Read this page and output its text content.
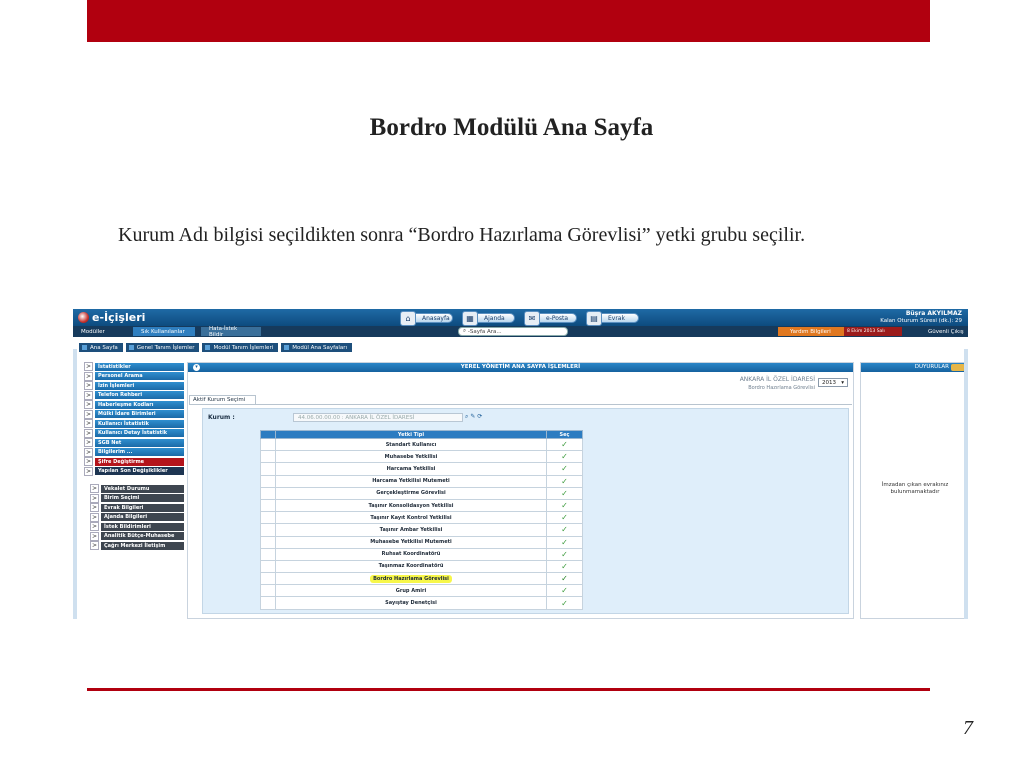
Bordro Modülü Ana Sayfa
Kurum Adı bilgisi seçildikten sonra “Bordro Hazırlama Görevlisi” yetki grubu seçilir.
e-İçişleri	⌂	Anasayfa	▦	Ajanda	✉	e-Posta	▤	Evrak
Büşra AKYILMAZ
Kalan Oturum Süresi (dk.): 29
Modüller	Sık Kullanılanlar	Hata-İstek Bildir
⌕ -Sayfa Ara...	Yardım Bilgileri	8 Ekim 2013 Salı	Güvenli Çıkış
Ana Sayfa	Genel Tanım İşlemler	Modül Tanım İşlemleri	Modül Ana Sayfaları
>	İstatistikler
>	Personel Arama
>	İzin İşlemleri
>	Telefon Rehberi
>	Haberleşme Kodları
>	Mülki İdare Birimleri
>	Kullanıcı İstatistik
>	Kullanıcı Detay İstatistik
>	SGB Net
>	Bilgilerim ...
>	Şifre Değiştirme
>	Yapılan Son Değişiklikler
>	Vekalet Durumu
>	Birim Seçimi
>	Evrak Bilgileri
>	Ajanda Bilgileri
>	İstek Bildirimleri
>	Analitik Bütçe-Muhasebe
>	Çağrı Merkezi İletişim
▾	YEREL YÖNETİM ANA SAYFA İŞLEMLERİ
ANKARA İL ÖZEL İDARESİ
Bordro Hazırlama Görevlisi
2013 ▾
Aktif Kurum Seçimi
Kurum :	44.06.00.00.00 : ANKARA İL ÖZEL İDARESİ	⌕ ✎ ⟳
	Yetki Tipi	Seç
	Standart Kullanıcı	✓
	Muhasebe Yetkilisi	✓
	Harcama Yetkilisi	✓
	Harcama Yetkilisi Mutemeti	✓
	Gerçekleştirme Görevlisi	✓
	Taşınır Konsolidasyon Yetkilisi	✓
	Taşınır Kayıt Kontrol Yetkilisi	✓
	Taşınır Ambar Yetkilisi	✓
	Muhasebe Yetkilisi Mutemeti	✓
	Ruhsat Koordinatörü	✓
	Taşınmaz Koordinatörü	✓
	Bordro Hazırlama Görevlisi	✓
	Grup Amiri	✓
	Sayıştay Denetçisi	✓
DUYURULAR
İmzadan çıkan evrakınız bulunmamaktadır
7
